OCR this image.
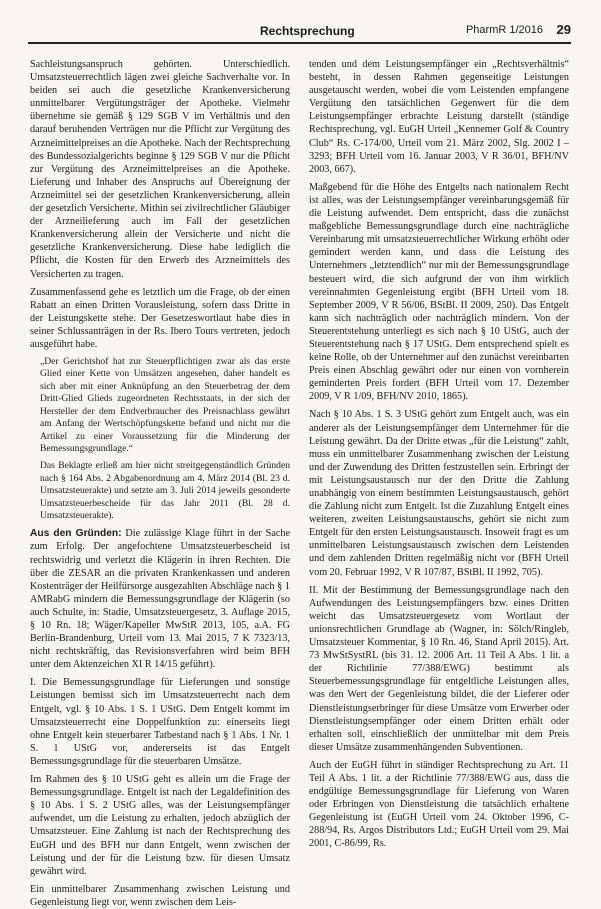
Rechtsprechung	PharmR 1/2016 29

Sachleistungsanspruch gehörten. Unterschiedlich. Umsatzsteuerrechtlich lägen zwei gleiche Sachverhalte vor. In beiden sei auch die gesetzliche Krankenversicherung unmittelbarer Vergütungsträger der Apotheke. Vielmehr übernehme sie gemäß § 129 SGB V im Verhältnis und den darauf beruhenden Verträgen nur die Pflicht zur Vergütung des Arzneimittelpreises an die Apotheke. Nach der Rechtsprechung des Bundessozialgerichts beginne § 129 SGB V nur die Pflicht zur Vergütung des Arzneimittelpreises an die Apotheke. Lieferung und Inhaber des Anspruchs auf Übereignung der Arzneimittel sei der gesetzlichen Krankenversicherung, allein der gesetzlich Versicherte. Mithin sei zivilrechtlicher Gläubiger der Arzneilieferung auch im Fall der gesetzlichen Krankenversicherung allein der Versicherte und nicht die gesetzliche Krankenversicherung. Diese habe lediglich die Pflicht, die Kosten für den Erwerb des Arzneimittels des Versicherten zu tragen.

Zusammenfassend gehe es letztlich um die Frage, ob der einen Rabatt an einen Dritten Vorausleistung, sofern dass Dritte in der Leistungskette stehe. Der Gesetzeswortlaut habe dies in seiner Schlussanträgen in der Rs. Ibero Tours vertreten, jedoch ausgeführt habe.

„Der Gerichtshof hat zur Steuerpflichtigen zwar als das erste Glied einer Kette von Umsätzen angesehen, daher handelt es sich aber mit einer Anknüpfung an den Steuerbetrag der dem Dritt-Glied Glieds zugeordneten Rechtsstaats, in der sich der Hersteller der dem Endverbraucher des Preisnachlass gewährt am Anfang der Wertschöpfungskette befand und nicht nur die Artikel zu einer Voraussetzung für die Minderung der Bemessungsgrundlage.“

Das Beklagte erließ am hier nicht streitgegenständlich Gründen nach § 164 Abs. 2 Abgabenordnung am 4. März 2014 (Bl. 23 d. Umsatzsteuerakte) und setzte am 3. Juli 2014 jeweils gesonderte Umsatzsteuerbescheide für das Jahr 2011 (Bl. 28 d. Umsatzsteuerakte).

Aus den Gründen: Die zulässige Klage führt in der Sache zum Erfolg. Der angefochtene Umsatzsteuerbescheid ist rechtswidrig und verletzt die Klägerin in ihren Rechten. Die über die ZESAR an die privaten Krankenkassen und anderen Kostenträger der Heilfürsorge ausgezahlten Abschläge nach § 1 AMRabG mindern die Bemessungsgrundlage der Klägerin (so auch Schulte, in: Stadie, Umsatzsteuergesetz, 3. Auflage 2015, § 10 Rn. 18; Wäger/Kapeller MwStR 2013, 105, a.A. FG Berlin-Brandenburg, Urteil vom 13. Mai 2015, 7 K 7323/13, nicht rechtskräftig, das Revisionsverfahren wird beim BFH unter dem Aktenzeichen XI R 14/15 geführt).

I. Die Bemessungsgrundlage für Lieferungen und sonstige Leistungen bemisst sich im Umsatzsteuerrecht nach dem Entgelt, vgl. § 10 Abs. 1 S. 1 UStG. Dem Entgelt kommt im Umsatzsteuerrecht eine Doppelfunktion zu: einerseits liegt ohne Entgelt kein steuerbarer Tatbestand nach § 1 Abs. 1 Nr. 1 S. 1 UStG vor, andererseits ist das Entgelt Bemessungsgrundlage für die steuerbaren Umsätze.

Im Rahmen des § 10 UStG geht es allein um die Frage der Bemessungsgrundlage. Entgelt ist nach der Legaldefinition des § 10 Abs. 1 S. 2 UStG alles, was der Leistungsempfänger aufwendet, um die Leistung zu erhalten, jedoch abzüglich der Umsatzsteuer. Eine Zahlung ist nach der Rechtsprechung des EuGH und des BFH nur dann Entgelt, wenn zwischen der Leistung und der für die Leistung bzw. für diesen Umsatz gewährt wird.

Ein unmittelbarer Zusammenhang zwischen Leistung und Gegenleistung liegt vor, wenn zwischen dem Leis-

tenden und dem Leistungsempfänger ein „Rechtsverhältnis“ besteht, in dessen Rahmen gegenseitige Leistungen ausgetauscht werden, wobei die vom Leistenden empfangene Vergütung den tatsächlichen Gegenwert für die dem Leistungsempfänger erbrachte Leistung darstellt (ständige Rechtsprechung, vgl. EuGH Urteil „Kennemer Golf & Country Club“ Rs. C-174/00, Urteil vom 21. März 2002, Slg. 2002 I – 3293; BFH Urteil vom 16. Januar 2003, V R 36/01, BFH/NV 2003, 667).

Maßgebend für die Höhe des Entgelts nach nationalem Recht ist alles, was der Leistungsempfänger vereinbarungsgemäß für die Leistung aufwendet. Dem entspricht, dass die zunächst maßgebliche Bemessungsgrundlage durch eine nachträgliche Vereinbarung mit umsatzsteuerrechtlicher Wirkung erhöht oder gemindert werden kann, und dass die Leistung des Unternehmers „letztendlich“ nur mit der Bemessungsgrundlage besteuert wird, die sich aufgrund der von ihm wirklich vereinnahmten Gegenleistung ergibt (BFH Urteil vom 18. September 2009, V R 56/06, BStBl. II 2009, 250). Das Entgelt kann sich nachträglich oder nachträglich mindern. Von der Steuerentstehung unterliegt es sich nach § 10 UStG, auch der Steuerentstehung nach § 17 UStG. Dem entsprechend spielt es keine Rolle, ob der Unternehmer auf den zunächst vereinbarten Preis einen Abschlag gewährt oder nur einen von vornherein geminderten Preis fordert (BFH Urteil vom 17. Dezember 2009, V R 1/09, BFH/NV 2010, 1865).

Nach § 10 Abs. 1 S. 3 UStG gehört zum Entgelt auch, was ein anderer als der Leistungsempfänger dem Unternehmer für die Leistung gewährt. Da der Dritte etwas „für die Leistung“ zahlt, muss ein unmittelbarer Zusammenhang zwischen der Leistung und der Zuwendung des Dritten festzustellen sein. Erbringt der mit Leistungsaustausch nur der den Dritte die Zahlung unabhängig von einem bestimmten Leistungsaustausch, gehört die Zahlung nicht zum Entgelt. Ist die Zuzahlung Entgelt eines weiteren, zweiten Leistungsaustauschs, gehört sie nicht zum Entgelt für den ersten Leistungsaustausch. Insoweit fragt es um unmittelbaren Leistungsaustausch zwischen dem Leistenden und dem zahlenden Dritten regelmäßig nicht vor (BFH Urteil vom 20. Februar 1992, V R 107/87, BStBl. II 1992, 705).

II. Mit der Bestimmung der Bemessungsgrundlage nach den Aufwendungen des Leistungsempfängers bzw. eines Dritten weicht das Umsatzsteuergesetz vom Wortlaut der unionsrechtlichen Grundlage ab (Wagner, in: Sölch/Ringleb, Umsatzsteuer Kommentar, § 10 Rn. 46, Stand April 2015). Art. 73 MwStSystRL (bis 31. 12. 2006 Art. 11 Teil A Abs. 1 lit. a der Richtlinie 77/388/EWG) bestimmt als Steuerbemessungsgrundlage für entgeltliche Leistungen alles, was den Wert der Gegenleistung bildet, die der Lieferer oder Dienstleistungserbringer für diese Umsätze vom Erwerber oder Dienstleistungsempfänger oder einem Dritten erhält oder erhalten soll, einschließlich der unmittelbar mit dem Preis dieser Umsätze zusammenhängenden Subventionen.

Auch der EuGH führt in ständiger Rechtsprechung zu Art. 11 Teil A Abs. 1 lit. a der Richtlinie 77/388/EWG aus, dass die endgültige Bemessungsgrundlage für Lieferung von Waren oder Erbringen von Dienstleistung die tatsächlich erhaltene Gegenleistung ist (EuGH Urteil vom 24. Oktober 1996, C-288/94, Rs. Argos Distributors Ltd.; EuGH Urteil vom 29. Mai 2001, C-86/99, Rs.
